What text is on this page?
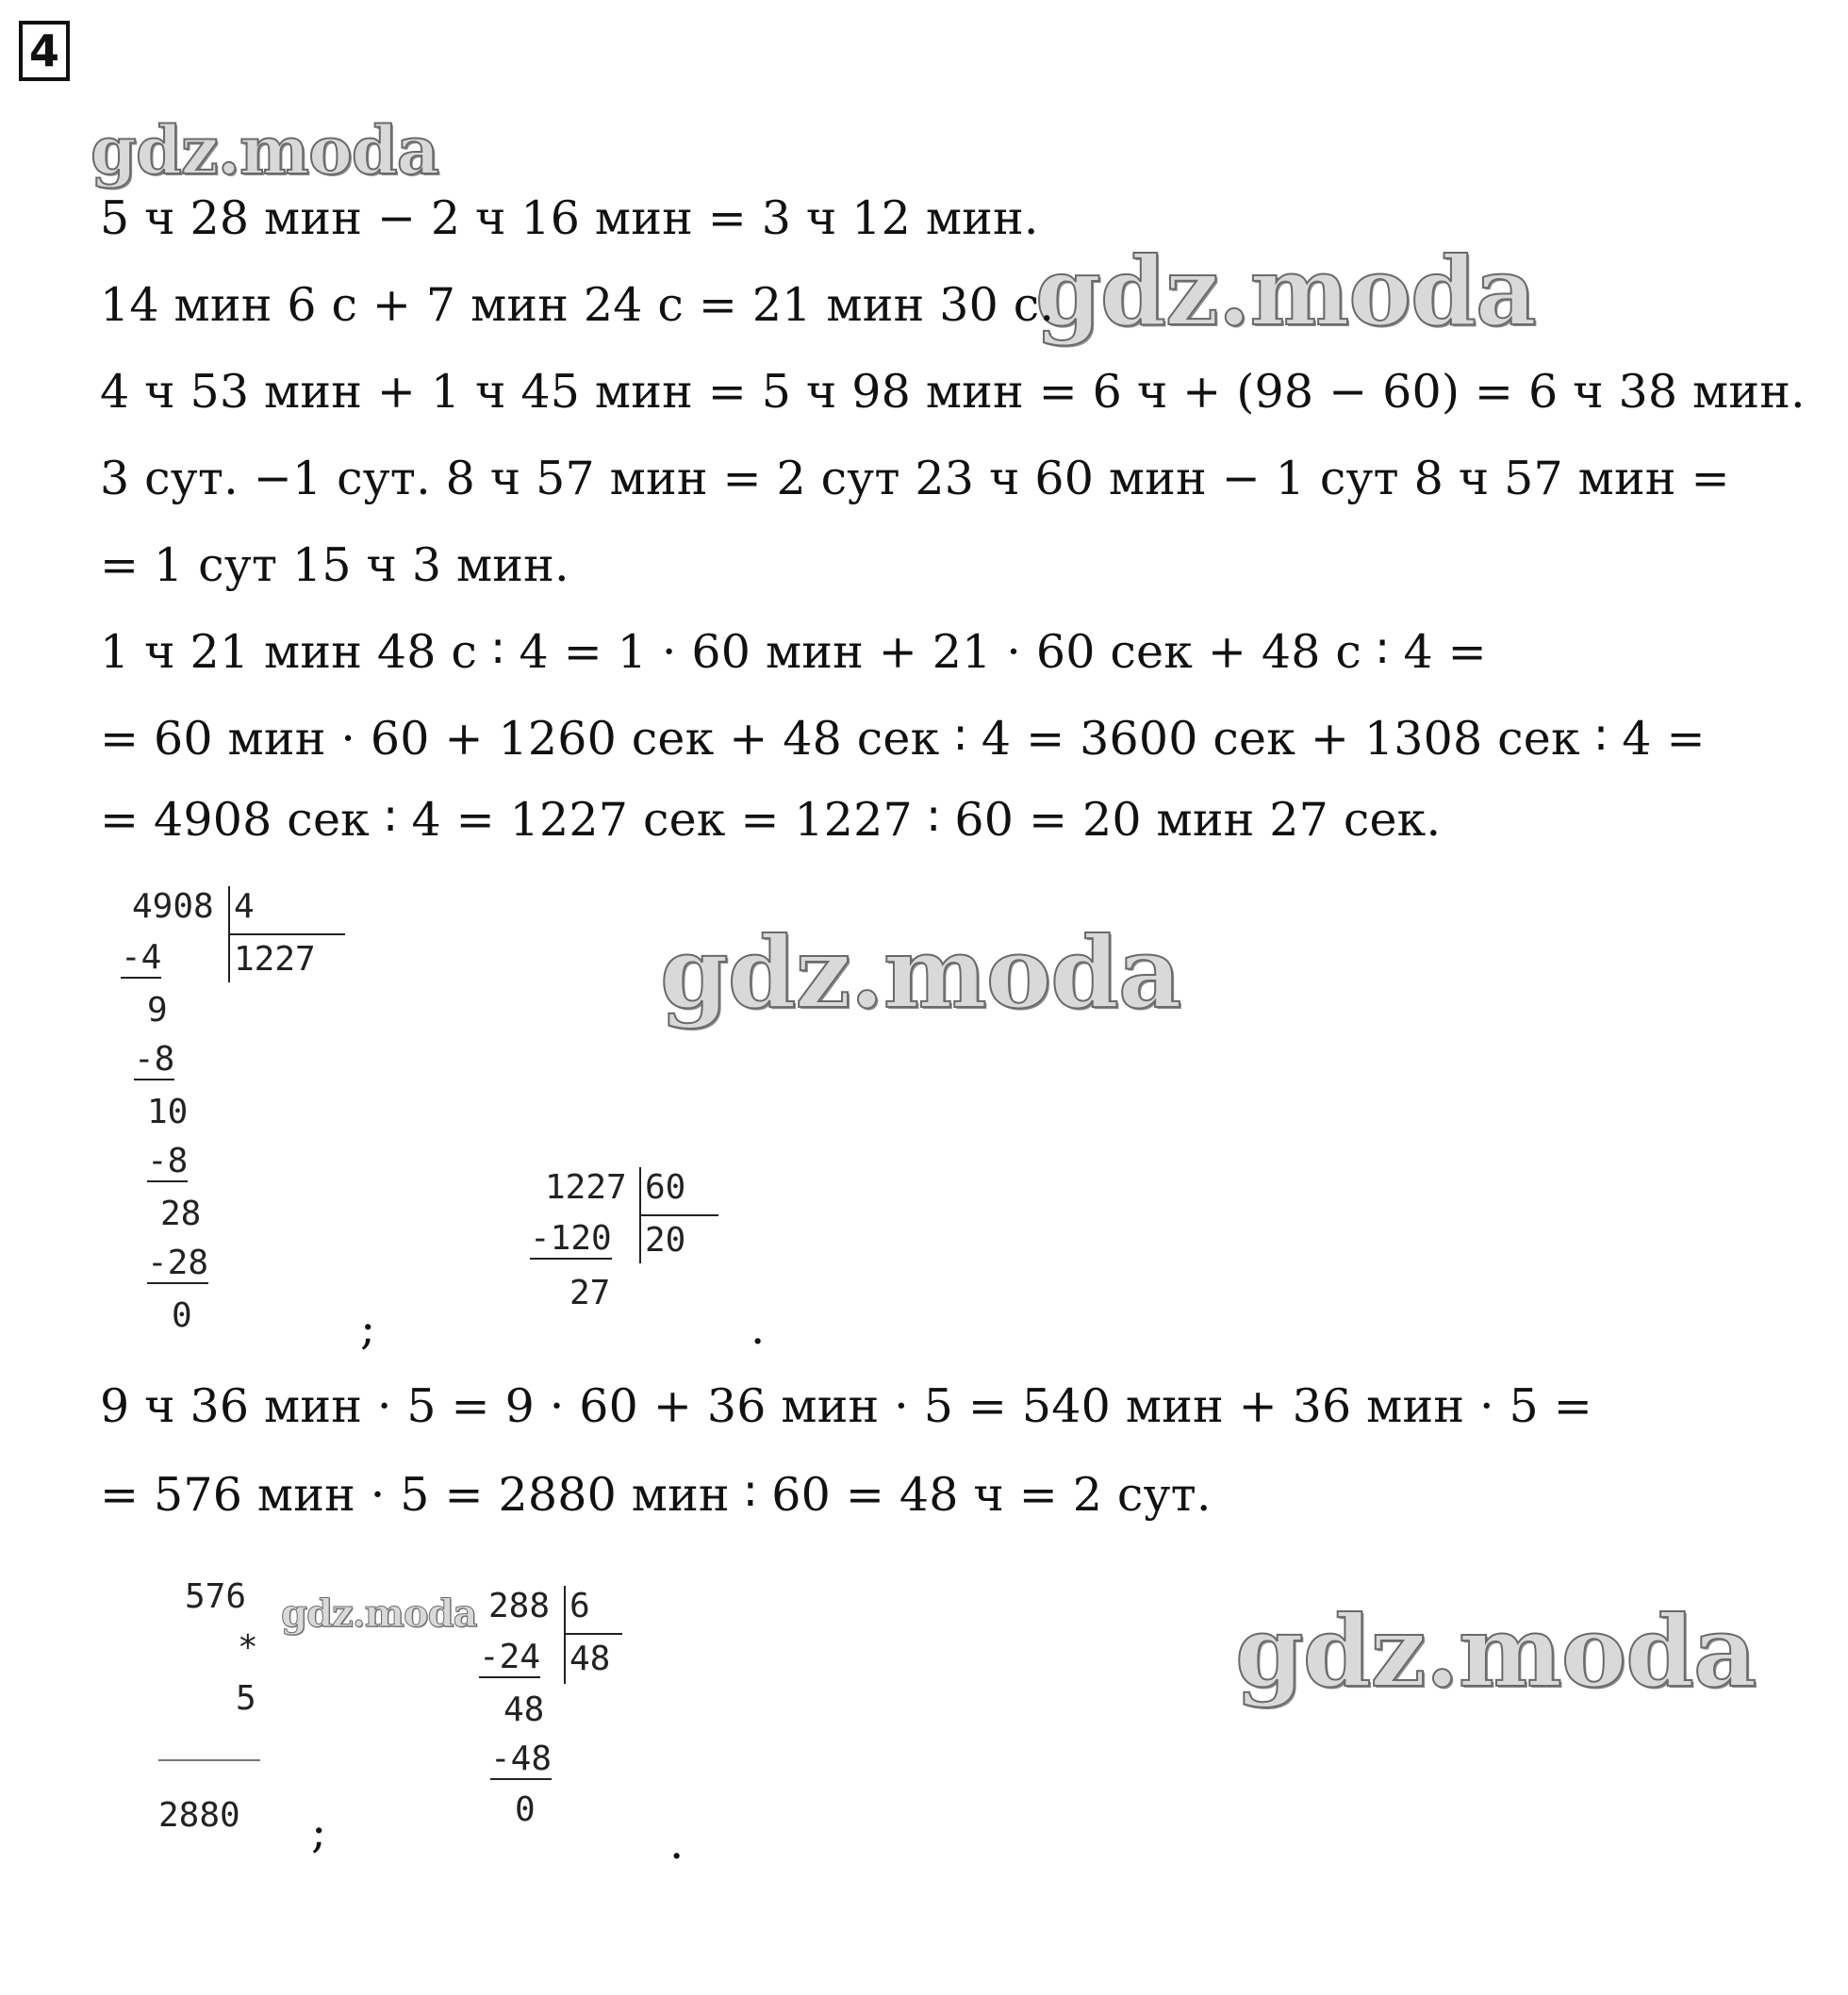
4
gdz.moda
gdz.moda
gdz.moda
gdz.moda	gdz.moda
5 ч 28 мин − 2 ч 16 мин = 3 ч 12 мин.
14 мин 6 с + 7 мин 24 с = 21 мин 30 с.
4 ч 53 мин + 1 ч 45 мин = 5 ч 98 мин = 6 ч + (98 − 60) = 6 ч 38 мин.
3 сут. −1 сут. 8 ч 57 мин = 2 сут 23 ч 60 мин − 1 сут 8 ч 57 мин =
= 1 сут 15 ч 3 мин.
1 ч 21 мин 48 с ∶ 4 = 1 · 60 мин + 21 · 60 сек + 48 с ∶ 4 =
= 60 мин · 60 + 1260 сек + 48 сек ∶ 4 = 3600 сек + 1308 сек ∶ 4 =
= 4908 сек ∶ 4 = 1227 сек = 1227 ∶ 60 = 20 мин 27 сек.
4908 4
1227
-4
9
-8
10
-8
28
-28
0	;
1227 60
20
-120
27
.
9 ч 36 мин · 5 = 9 · 60 + 36 мин · 5 = 540 мин + 36 мин · 5 =
= 576 мин · 5 = 2880 мин ∶ 60 = 48 ч = 2 сут.
576
*
5
2880 ;
288 6
48
-24
48
-48
0
.
